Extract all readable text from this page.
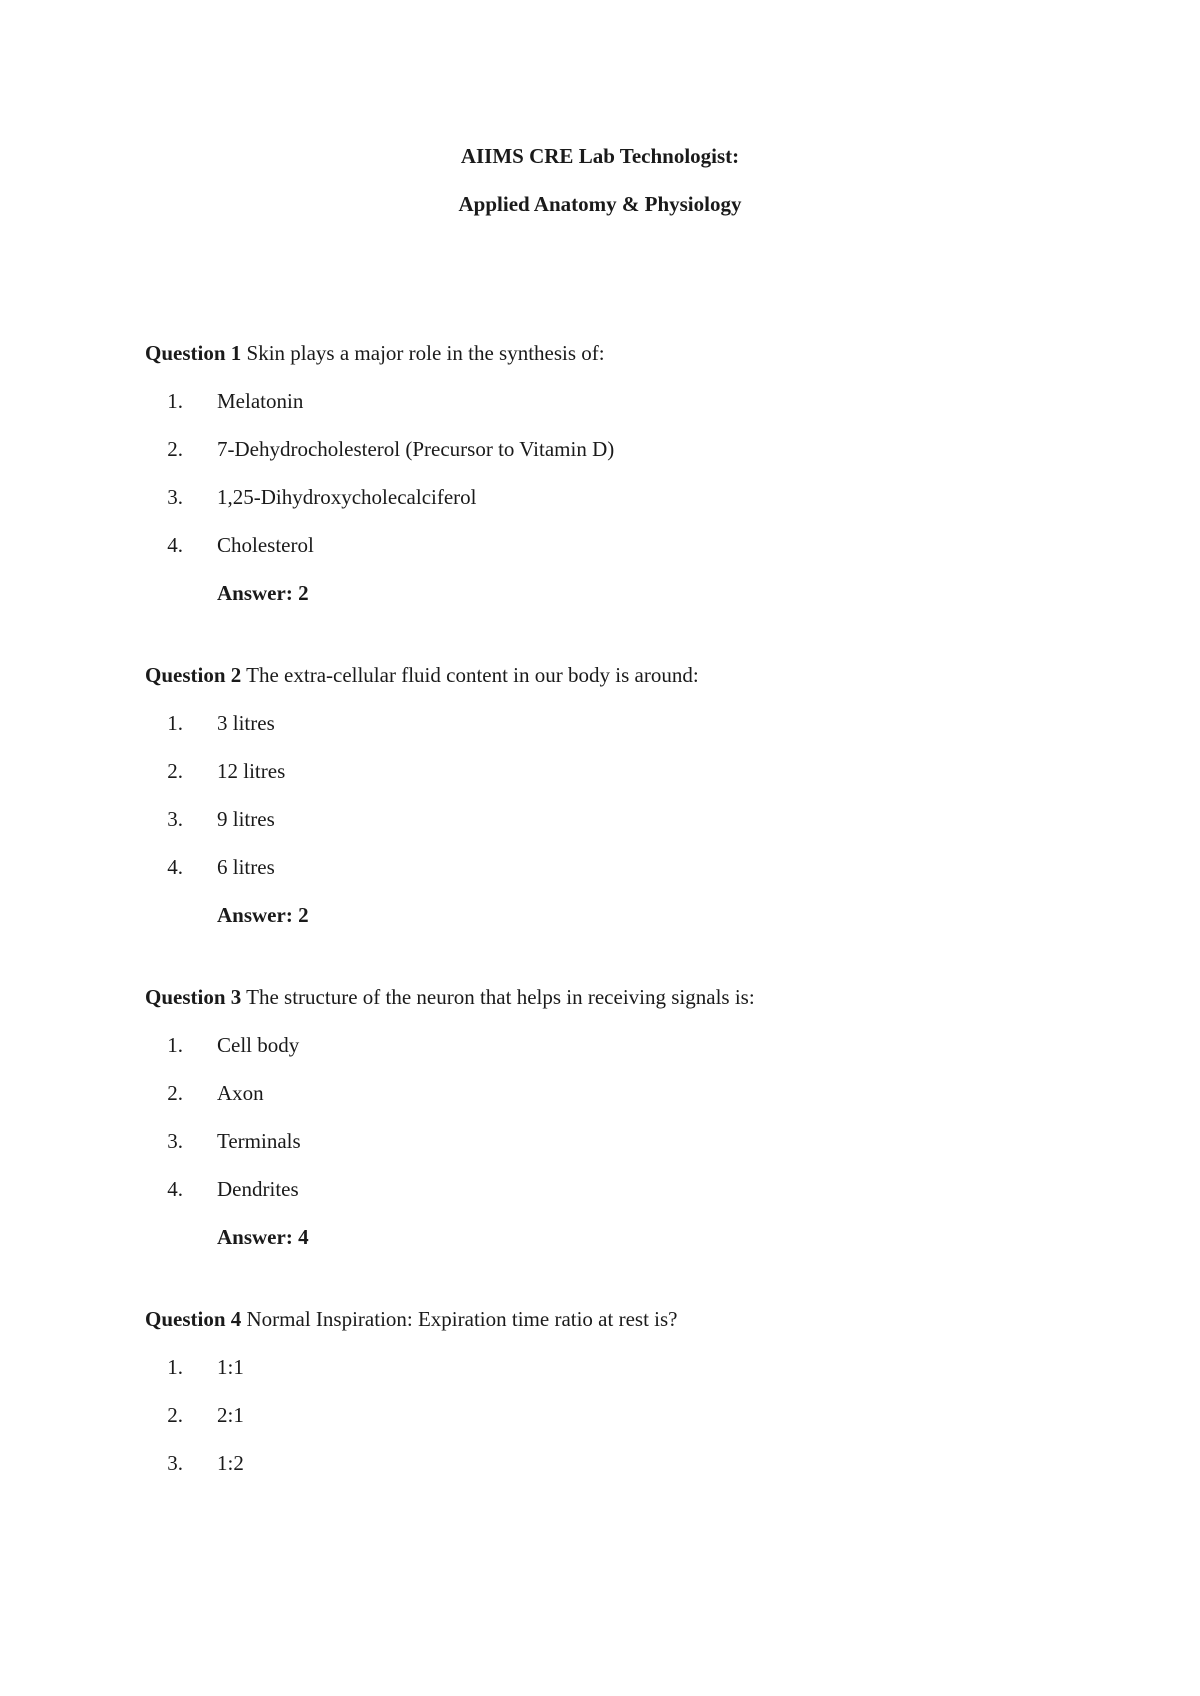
AIIMS CRE Lab Technologist:

Applied Anatomy & Physiology

Question 1 Skin plays a major role in the synthesis of:

1.	Melatonin
2.	7-Dehydrocholesterol (Precursor to Vitamin D)
3.	1,25-Dihydroxycholecalciferol
4.	Cholesterol

Answer: 2

Question 2 The extra-cellular fluid content in our body is around:

1.	3 litres
2.	12 litres
3.	9 litres
4.	6 litres

Answer: 2

Question 3 The structure of the neuron that helps in receiving signals is:

1.	Cell body
2.	Axon
3.	Terminals
4.	Dendrites

Answer: 4

Question 4 Normal Inspiration: Expiration time ratio at rest is?

1.	1:1
2.	2:1
3.	1:2
